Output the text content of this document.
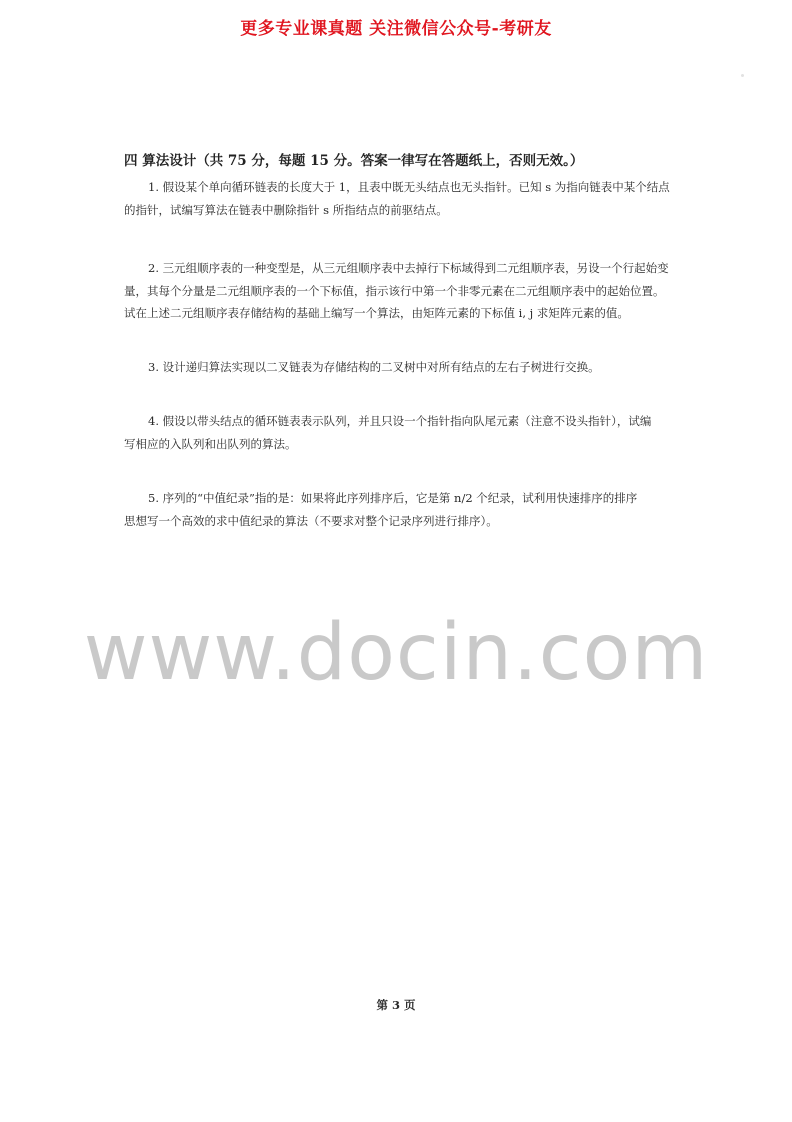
更多专业课真题 关注微信公众号-考研友
四 算法设计（共 75 分，每题 15 分。答案一律写在答题纸上，否则无效。）

1. 假设某个单向循环链表的长度大于 1，且表中既无头结点也无头指针。已知 s 为指向链表中某个结点

的指针，试编写算法在链表中删除指针 s 所指结点的前驱结点。

2. 三元组顺序表的一种变型是，从三元组顺序表中去掉行下标域得到二元组顺序表，另设一个行起始变

量，其每个分量是二元组顺序表的一个下标值，指示该行中第一个非零元素在二元组顺序表中的起始位置。

试在上述二元组顺序表存储结构的基础上编写一个算法，由矩阵元素的下标值 i, j 求矩阵元素的值。

3. 设计递归算法实现以二叉链表为存储结构的二叉树中对所有结点的左右子树进行交换。

4. 假设以带头结点的循环链表表示队列，并且只设一个指针指向队尾元素（注意不设头指针），试编

写相应的入队列和出队列的算法。

5. 序列的“中值纪录”指的是：如果将此序列排序后，它是第 n/2 个纪录，试利用快速排序的排序

思想写一个高效的求中值纪录的算法（不要求对整个记录序列进行排序）。

www.docin.com
第 3 页
